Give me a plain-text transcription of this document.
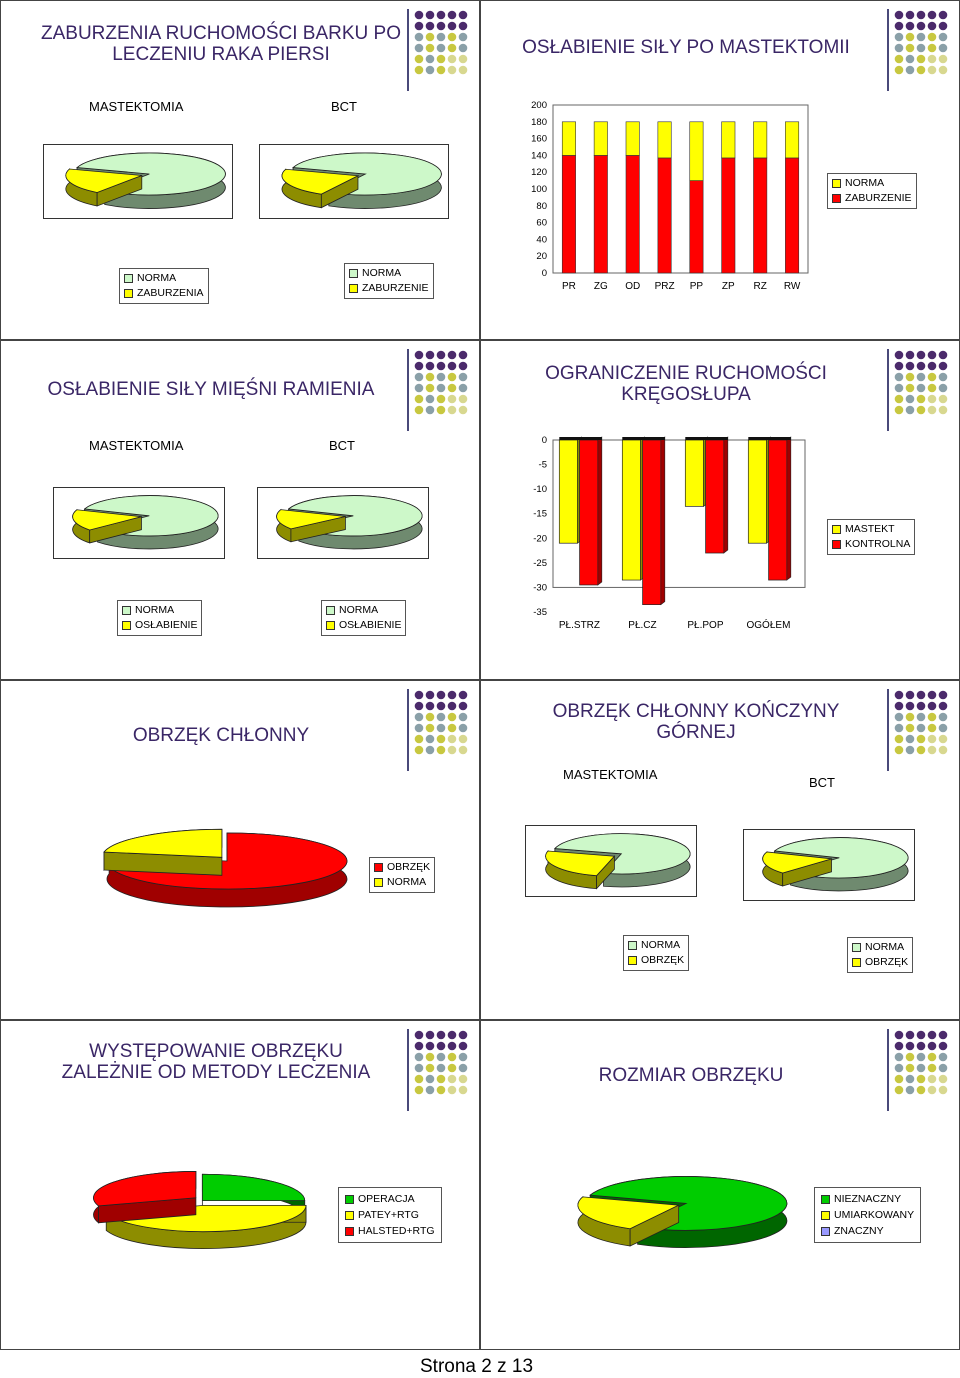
ZABURZENIA RUCHOMOŚCI BARKU PO LECZENIU RAKA PIERSI
MASTEKTOMIA	BCT
NORMA
ZABURZENIA
NORMA
ZABURZENIE
OSŁABIENIE SIŁY PO MASTEKTOMII
0
20
40
60
80
100
120
140
160
180
200
PR ZG OD PRZ PP ZP RZ RW
NORMA
ZABURZENIE
OSŁABIENIE SIŁY MIĘŚNI RAMIENIA
MASTEKTOMIA	BCT
NORMA
OSŁABIENIE
NORMA
OSŁABIENIE
OGRANICZENIE RUCHOMOŚCI KRĘGOSŁUPA
0
-5
-10
-15
-20
-25
-30
-35
PŁ.STRZ	PŁ.CZ	PŁ.POP OGÓŁEM
MASTEKT
KONTROLNA
OBRZĘK CHŁONNY
OBRZĘK
NORMA
OBRZĘK CHŁONNY KOŃCZYNY GÓRNEJ
MASTEKTOMIA
BCT
NORMA
OBRZĘK
NORMA
OBRZĘK
WYSTĘPOWANIE OBRZĘKU ZALEŻNIE OD METODY LECZENIA
OPERACJA
PATEY+RTG
HALSTED+RTG
ROZMIAR OBRZĘKU
NIEZNACZNY
UMIARKOWANY
ZNACZNY
Strona 2 z 13
